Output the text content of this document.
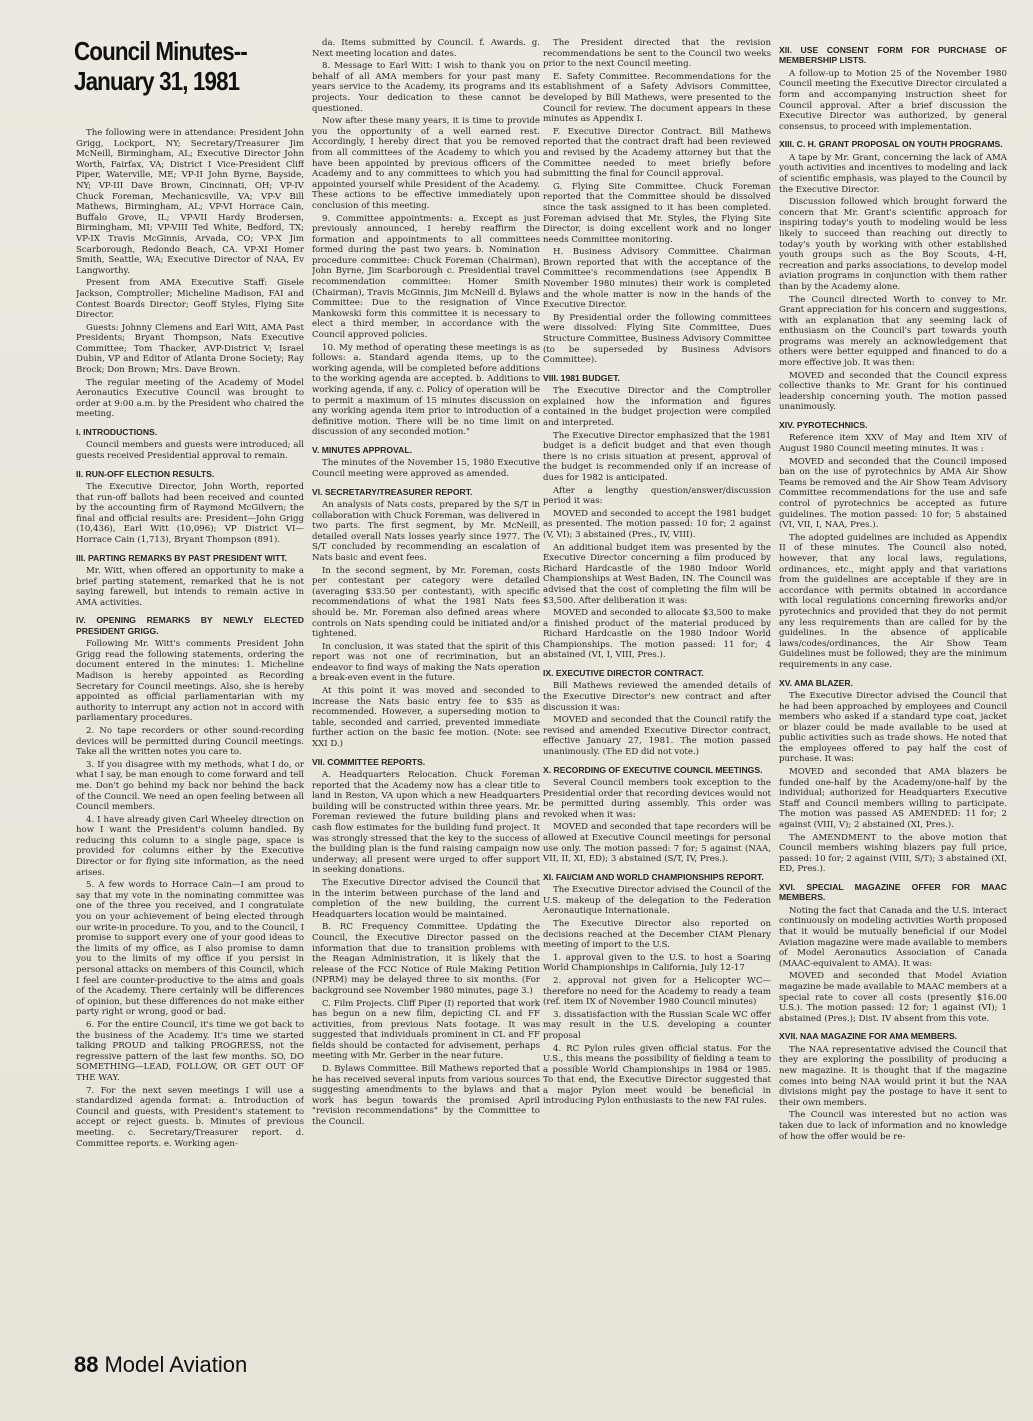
Council Minutes--
January 31, 1981

The following were in attendance: President John Grigg, Lockport, NY; Secretary/Treasurer Jim McNeill, Birmingham, AL; Executive Director John Worth, Fairfax, VA; District I Vice-President Cliff Piper, Waterville, ME; VP-II John Byrne, Bayside, NY; VP-III Dave Brown, Cincinnati, OH; VP-IV Chuck Foreman, Mechanicsville, VA; VP-V Bill Mathews, Birmingham, AL; VP-VI Horrace Cain, Buffalo Grove, IL; VP-VII Hardy Brodersen, Birmingham, MI; VP-VIII Ted White, Bedford, TX; VP-IX Travis McGinnis, Arvada, CO; VP-X Jim Scarborough, Redondo Beach, CA. VP-XI Homer Smith, Seattle, WA; Executive Director of NAA, Ev Langworthy.

Present from AMA Executive Staff: Gisele Jackson, Comptroller; Micheline Madison, FAI and Contest Boards Director; Geoff Styles, Flying Site Director.

Guests: Johnny Clemens and Earl Witt, AMA Past Presidents; Bryant Thompson, Nats Executive Committee; Tom Thacker, AVP-District V; Israel Dubin, VP and Editor of Atlanta Drone Society; Ray Brock; Don Brown; Mrs. Dave Brown.

The regular meeting of the Academy of Model Aeronautics Executive Council was brought to order at 9:00 a.m. by the President who chaired the meeting.

I. INTRODUCTIONS.

Council members and guests were introduced; all guests received Presidential approval to remain.

II. RUN-OFF ELECTION RESULTS.

The Executive Director, John Worth, reported that run-off ballots had been received and counted by the accounting firm of Raymond McGilvern; the final and official results are: President—John Grigg (10,436), Earl Witt (10,096); VP District VI—Horrace Cain (1,713), Bryant Thompson (891).

III. PARTING REMARKS BY PAST PRESIDENT WITT.

Mr. Witt, when offered an opportunity to make a brief parting statement, remarked that he is not saying farewell, but intends to remain active in AMA activities.

IV. OPENING REMARKS BY NEWLY ELECTED PRESIDENT GRIGG.

Following Mr. Witt's comments President John Grigg read the following statements, ordering the document entered in the minutes: 1. Micheline Madison is hereby appointed as Recording Secretary for Council meetings. Also, she is hereby appointed as official parliamentarian with my authority to interrupt any action not in accord with parliamentary procedures.

2. No tape recorders or other sound-recording devices will be permitted during Council meetings. Take all the written notes you care to.

3. If you disagree with my methods, what I do, or what I say, be man enough to come forward and tell me. Don't go behind my back nor behind the back of the Council. We need an open feeling between all Council members.

4. I have already given Carl Wheeley direction on how I want the President's column handled. By reducing this column to a single page, space is provided for columns either by the Executive Director or for flying site information, as the need arises.

5. A few words to Horrace Cain—I am proud to say that my vote in the nominating committee was one of the three you received, and I congratulate you on your achievement of being elected through our write-in procedure. To you, and to the Council, I promise to support every one of your good ideas to the limits of my office, as I also promise to damn you to the limits of my office if you persist in personal attacks on members of this Council, which I feel are counter-productive to the aims and goals of the Academy. There certainly will be differences of opinion, but these differences do not make either party right or wrong, good or bad.

6. For the entire Council, it's time we got back to the business of the Academy. It's time we started talking PROUD and talking PROGRESS, not the regressive pattern of the last few months. SO, DO SOMETHING—LEAD, FOLLOW, OR GET OUT OF THE WAY.

7. For the next seven meetings I will use a standardized agenda format: a. Introduction of Council and guests, with President's statement to accept or reject guests. b. Minutes of previous meeting. c. Secretary/Treasurer report. d. Committee reports. e. Working agen-

da. Items submitted by Council. f. Awards. g. Next meeting location and dates.

8. Message to Earl Witt: I wish to thank you on behalf of all AMA members for your past many years service to the Academy, its programs and its projects. Your dedication to these cannot be questioned.

Now after these many years, it is time to provide you the opportunity of a well earned rest. Accordingly, I hereby direct that you be removed from all committees of the Academy to which you have been appointed by previous officers of the Academy and to any committees to which you had appointed yourself while President of the Academy. These actions to be effective immediately upon conclusion of this meeting.

9. Committee appointments: a. Except as just previously announced, I hereby reaffirm the formation and appointments to all committees formed during the past two years. b. Nomination procedure committee: Chuck Foreman (Chairman), John Byrne, Jim Scarborough c. Presidential travel recommendation committee: Homer Smith (Chairman), Travis McGinnis, Jim McNeill d. Bylaws Committee: Due to the resignation of Vince Mankowski form this committee it is necessary to elect a third member, in accordance with the Council approved policies.

10. My method of operating these meetings is as follows: a. Standard agenda items, up to the working agenda, will be completed before additions to the working agenda are accepted. b. Additions to working agenda, if any. c. Policy of operation will be to permit a maximum of 15 minutes discussion on any working agenda item prior to introduction of a definitive motion. There will be no time limit on discussion of any seconded motion."

V. MINUTES APPROVAL.

The minutes of the November 15, 1980 Executive Council meeting were approved as amended.

VI. SECRETARY/TREASURER REPORT.

An analysis of Nats costs, prepared by the S/T in collaboration with Chuck Foreman, was delivered in two parts. The first segment, by Mr. McNeill, detailed overall Nats losses yearly since 1977. The S/T concluded by recommending an escalation of Nats basic and event fees.

In the second segment, by Mr. Foreman, costs per contestant per category were detailed (averaging $33.50 per contestant), with specific recommendations of what the 1981 Nats fees should be. Mr. Foreman also defined areas where controls on Nats spending could be initiated and/or tightened.

In conclusion, it was stated that the spirit of this report was not one of recrimination, but an endeavor to find ways of making the Nats operation a break-even event in the future.

At this point it was moved and seconded to increase the Nats basic entry fee to $35 as recommended. However, a superseding motion to table, seconded and carried, prevented immediate further action on the basic fee motion. (Note: see XXI D.)

VII. COMMITTEE REPORTS.

A. Headquarters Relocation. Chuck Foreman reported that the Academy now has a clear title to land in Reston, VA upon which a new Headquarters building will be constructed within three years. Mr. Foreman reviewed the future building plans and cash flow estimates for the building fund project. It was strongly stressed that the key to the success of the building plan is the fund raising campaign now underway; all present were urged to offer support in seeking donations.

The Executive Director advised the Council that in the interim between purchase of the land and completion of the new building, the current Headquarters location would be maintained.

B. RC Frequency Committee. Updating the Council, the Executive Director passed on the information that due to transition problems with the Reagan Administration, it is likely that the release of the FCC Notice of Rule Making Petition (NPRM) may be delayed three to six months. (For background see November 1980 minutes, page 3.)

C. Film Projects. Cliff Piper (I) reported that work has begun on a new film, depicting CL and FF activities, from previous Nats footage. It was suggested that individuals prominent in CL and FF fields should be contacted for advisement, perhaps meeting with Mr. Gerber in the near future.

D. Bylaws Committee. Bill Mathews reported that he has received several inputs from various sources suggesting amendments to the bylaws and that work has begun towards the promised April "revision recommendations" by the Committee to the Council.

The President directed that the revision recommendations be sent to the Council two weeks prior to the next Council meeting.

E. Safety Committee. Recommendations for the establishment of a Safety Advisors Committee, developed by Bill Mathews, were presented to the Council for review. The document appears in these minutes as Appendix I.

F. Executive Director Contract. Bill Mathews reported that the contract draft had been reviewed and revised by the Academy attorney but that the Committee needed to meet briefly before submitting the final for Council approval.

G. Flying Site Committee. Chuck Foreman reported that the Committee should be dissolved since the task assigned to it has been completed. Foreman advised that Mr. Styles, the Flying Site Director, is doing excellent work and no longer needs Committee monitoring.

H. Business Advisory Committee. Chairman Brown reported that with the acceptance of the Committee's recommendations (see Appendix B November 1980 minutes) their work is completed and the whole matter is now in the hands of the Executive Director.

By Presidential order the following committees were dissolved: Flying Site Committee, Dues Structure Committee, Business Advisory Committee (to be superseded by Business Advisors Committee).

VIII. 1981 BUDGET.

The Executive Director and the Comptroller explained how the information and figures contained in the budget projection were compiled and interpreted.

The Executive Director emphasized that the 1981 budget is a deficit budget and that even though there is no crisis situation at present, approval of the budget is recommended only if an increase of dues for 1982 is anticipated.

After a lengthy question/answer/discussion period it was:

MOVED and seconded to accept the 1981 budget as presented. The motion passed: 10 for; 2 against (V, VI); 3 abstained (Pres., IV, VIII).

An additional budget item was presented by the Executive Director concerning a film produced by Richard Hardcastle of the 1980 Indoor World Championships at West Baden, IN. The Council was advised that the cost of completing the film will be $3,500. After deliberation it was:

MOVED and seconded to allocate $3,500 to make a finished product of the material produced by Richard Hardcastle on the 1980 Indoor World Championships. The motion passed: 11 for; 4 abstained (VI, I, VIII, Pres.).

IX. EXECUTIVE DIRECTOR CONTRACT.

Bill Mathews reviewed the amended details of the Executive Director's new contract and after discussion it was:

MOVED and seconded that the Council ratify the revised and amended Executive Director contract, effective January 27, 1981. The motion passed unanimously. (The ED did not vote.)

X. RECORDING OF EXECUTIVE COUNCIL MEETINGS.

Several Council members took exception to the Presidential order that recording devices would not be permitted during assembly. This order was revoked when it was:

MOVED and seconded that tape recorders will be allowed at Executive Council meetings for personal use only. The motion passed: 7 for; 5 against (NAA, VII, II, XI, ED); 3 abstained (S/T, IV, Pres.).

XI. FAI/CIAM AND WORLD CHAMPIONSHIPS REPORT.

The Executive Director advised the Council of the U.S. makeup of the delegation to the Federation Aeronautique Internationale.

The Executive Director also reported on decisions reached at the December CIAM Plenary meeting of import to the U.S.

1. approval given to the U.S. to host a Soaring World Championships in California, July 12-17

2. approval not given for a Helicopter WC—therefore no need for the Academy to ready a team (ref. item IX of November 1980 Council minutes)

3. dissatisfaction with the Russian Scale WC offer may result in the U.S. developing a counter proposal

4. RC Pylon rules given official status. For the U.S., this means the possibility of fielding a team to a possible World Championships in 1984 or 1985. To that end, the Executive Director suggested that a major Pylon meet would be beneficial in introducing Pylon enthusiasts to the new FAI rules.

XII. USE CONSENT FORM FOR PURCHASE OF MEMBERSHIP LISTS.

A follow-up to Motion 25 of the November 1980 Council meeting the Executive Director circulated a form and accompanying instruction sheet for Council approval. After a brief discussion the Executive Director was authorized, by general consensus, to proceed with implementation.

XIII. C. H. GRANT PROPOSAL ON YOUTH PROGRAMS.

A tape by Mr. Grant, concerning the lack of AMA youth activities and incentives to modeling and lack of scientific emphasis, was played to the Council by the Executive Director.

Discussion followed which brought forward the concern that Mr. Grant's scientific approach for inspiring today's youth to modeling would be less likely to succeed than reaching out directly to today's youth by working with other established youth groups such as the Boy Scouts, 4-H, recreation and parks associations, to develop model aviation programs in conjunction with them rather than by the Academy alone.

The Council directed Worth to convey to Mr. Grant appreciation for his concern and suggestions, with an explanation that any seeming lack of enthusiasm on the Council's part towards youth programs was merely an acknowledgement that others were better equipped and financed to do a more effective job. It was then:

MOVED and seconded that the Council express collective thanks to Mr. Grant for his continued leadership concerning youth. The motion passed unanimously.

XIV. PYROTECHNICS.

Reference item XXV of May and Item XIV of August 1980 Council meeting minutes. It was :

MOVED and seconded that the Council imposed ban on the use of pyrotechnics by AMA Air Show Teams be removed and the Air Show Team Advisory Committee recommendations for the use and safe control of pyrotechnics be accepted as future guidelines. The motion passed: 10 for; 5 abstained (VI, VII, I, NAA, Pres.).

The adopted guidelines are included as Appendix II of these minutes. The Council also noted, however, that any local laws, regulations, ordinances, etc., might apply and that variations from the guidelines are acceptable if they are in accordance with permits obtained in accordance with local regulations concerning fireworks and/or pyrotechnics and provided that they do not permit any less requirements than are called for by the guidelines. In the absence of applicable laws/codes/ordinances, the Air Show Team Guidelines must be followed; they are the minimum requirements in any case.

XV. AMA BLAZER.

The Executive Director advised the Council that he had been approached by employees and Council members who asked if a standard type coat, jacket or blazer could be made available to be used at public activities such as trade shows. He noted that the employees offered to pay half the cost of purchase. It was:

MOVED and seconded that AMA blazers be funded one-half by the Academy/one-half by the individual; authorized for Headquarters Executive Staff and Council members willing to participate. The motion was passed AS AMENDED: 11 for; 2 against (VIII, V); 2 abstained (XI, Pres.).

The AMENDMENT to the above motion that Council members wishing blazers pay full price, passed: 10 for; 2 against (VIII, S/T); 3 abstained (XI, ED, Pres.).

XVI. SPECIAL MAGAZINE OFFER FOR MAAC MEMBERS.

Noting the fact that Canada and the U.S. interact continuously on modeling activities Worth proposed that it would be mutually beneficial if our Model Aviation magazine were made available to members of Model Aeronautics Association of Canada (MAAC-equivalent to AMA). It was:

MOVED and seconded that Model Aviation magazine be made available to MAAC members at a special rate to cover all costs (presently $16.00 U.S.). The motion passed: 12 for; 1 against (VI); 1 abstained (Pres.); Dist. IV absent from this vote.

XVII. NAA MAGAZINE FOR AMA MEMBERS.

The NAA representative advised the Council that they are exploring the possibility of producing a new magazine. It is thought that if the magazine comes into being NAA would print it but the NAA divisions might pay the postage to have it sent to their own members.

The Council was interested but no action was taken due to lack of information and no knowledge of how the offer would be re-

88 Model Aviation
